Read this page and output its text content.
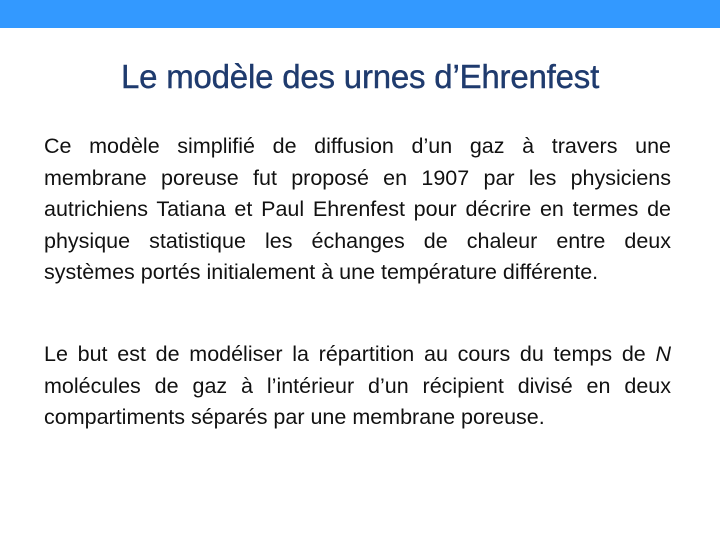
Le modèle des urnes d’Ehrenfest

Ce modèle simplifié de diffusion d’un gaz à travers une membrane poreuse fut proposé en 1907 par les physiciens autrichiens Tatiana et Paul Ehrenfest pour décrire en termes de physique statistique les échanges de chaleur entre deux systèmes portés initialement à une température différente.

Le but est de modéliser la répartition au cours du temps de N molécules de gaz à l’intérieur d’un récipient divisé en deux compartiments séparés par une membrane poreuse.
